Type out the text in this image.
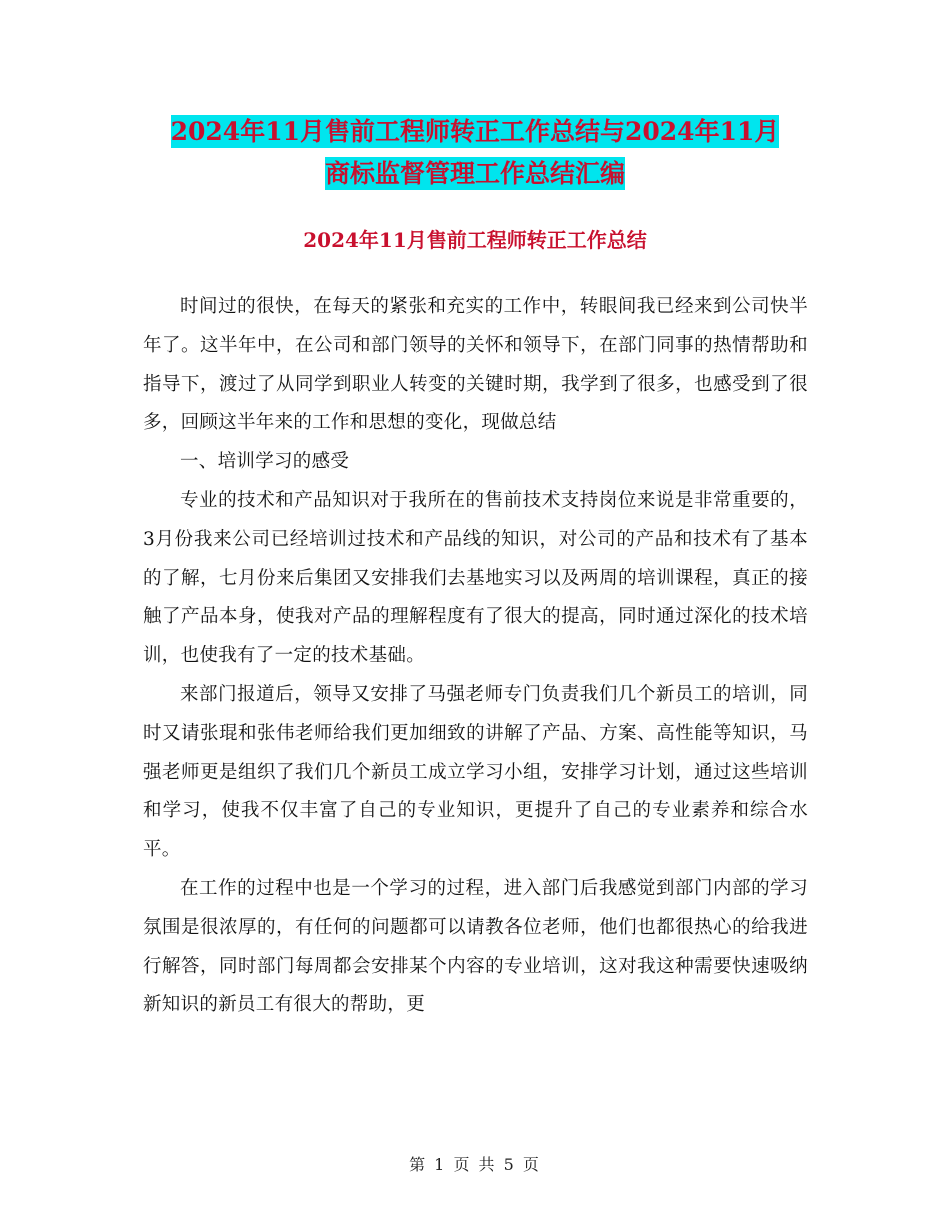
2024年11月售前工程师转正工作总结与2024年11月
商标监督管理工作总结汇编
2024年11月售前工程师转正工作总结

时间过的很快，在每天的紧张和充实的工作中，转眼间我已经来到公司快半年了。这半年中，在公司和部门领导的关怀和领导下，在部门同事的热情帮助和指导下，渡过了从同学到职业人转变的关键时期，我学到了很多，也感受到了很多，回顾这半年来的工作和思想的变化，现做总结

一、培训学习的感受

专业的技术和产品知识对于我所在的售前技术支持岗位来说是非常重要的，3月份我来公司已经培训过技术和产品线的知识，对公司的产品和技术有了基本的了解，七月份来后集团又安排我们去基地实习以及两周的培训课程，真正的接触了产品本身，使我对产品的理解程度有了很大的提高，同时通过深化的技术培训，也使我有了一定的技术基础。

来部门报道后，领导又安排了马强老师专门负责我们几个新员工的培训，同时又请张琨和张伟老师给我们更加细致的讲解了产品、方案、高性能等知识，马强老师更是组织了我们几个新员工成立学习小组，安排学习计划，通过这些培训和学习，使我不仅丰富了自己的专业知识，更提升了自己的专业素养和综合水平。

在工作的过程中也是一个学习的过程，进入部门后我感觉到部门内部的学习氛围是很浓厚的，有任何的问题都可以请教各位老师，他们也都很热心的给我进行解答，同时部门每周都会安排某个内容的专业培训，这对我这种需要快速吸纳新知识的新员工有很大的帮助，更

第 1 页 共 5 页
